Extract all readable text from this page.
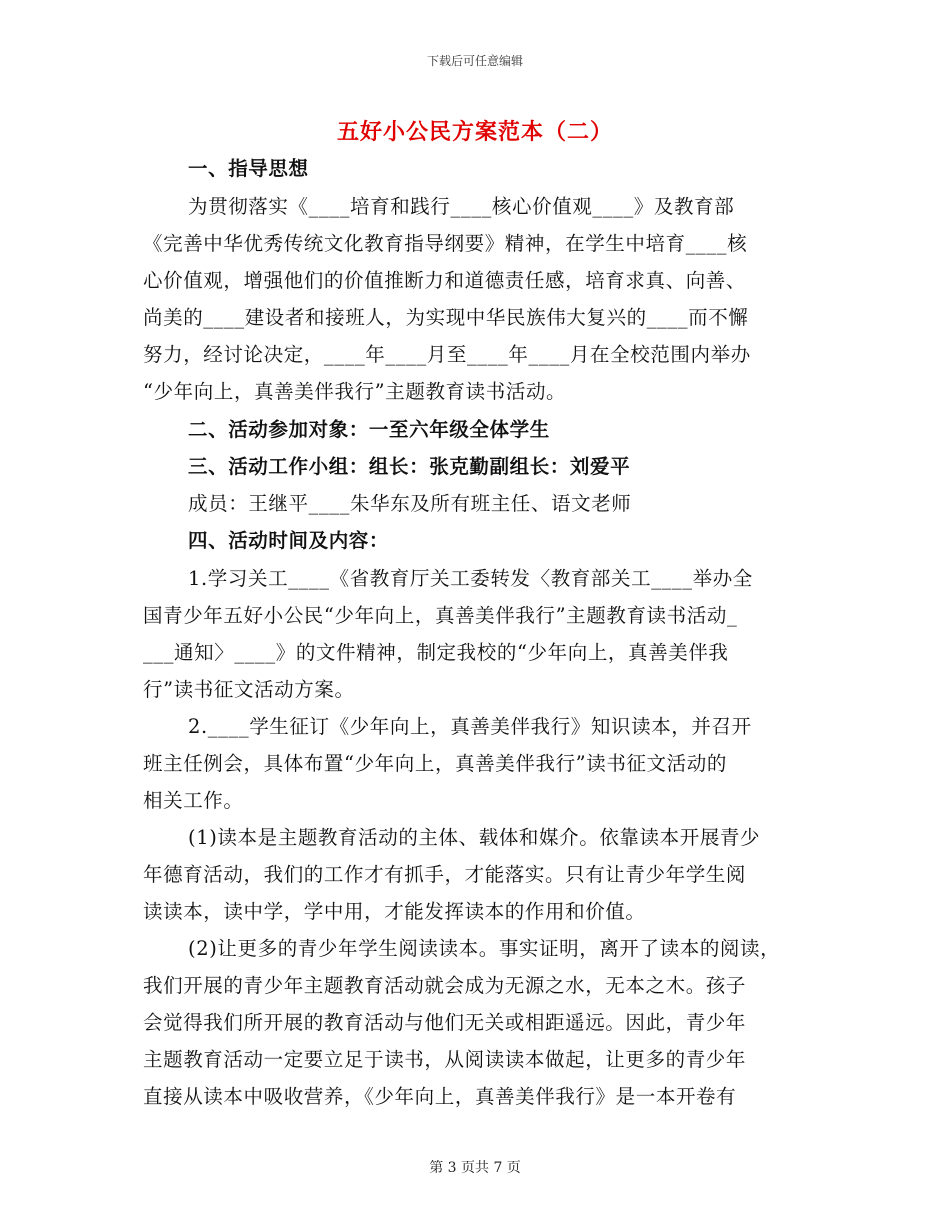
下载后可任意编辑
五好小公民方案范本（二）
一、指导思想
为贯彻落实《____培育和践行____核心价值观____》及教育部
《完善中华优秀传统文化教育指导纲要》精神，在学生中培育____核
心价值观，增强他们的价值推断力和道德责任感，培育求真、向善、
尚美的____建设者和接班人，为实现中华民族伟大复兴的____而不懈
努力，经讨论决定，____年____月至____年____月在全校范围内举办
“少年向上，真善美伴我行”主题教育读书活动。
二、活动参加对象：一至六年级全体学生
三、活动工作小组：组长：张克勤副组长：刘爱平
成员：王继平____朱华东及所有班主任、语文老师
四、活动时间及内容：
1.学习关工____《省教育厅关工委转发〈教育部关工____举办全
国青少年五好小公民“少年向上，真善美伴我行”主题教育读书活动_
___通知〉____》的文件精神，制定我校的“少年向上，真善美伴我
行”读书征文活动方案。
2.____学生征订《少年向上，真善美伴我行》知识读本，并召开
班主任例会，具体布置“少年向上，真善美伴我行”读书征文活动的
相关工作。
(1)读本是主题教育活动的主体、载体和媒介。依靠读本开展青少
年德育活动，我们的工作才有抓手，才能落实。只有让青少年学生阅
读读本，读中学，学中用，才能发挥读本的作用和价值。
(2)让更多的青少年学生阅读读本。事实证明，离开了读本的阅读，
我们开展的青少年主题教育活动就会成为无源之水，无本之木。孩子
会觉得我们所开展的教育活动与他们无关或相距遥远。因此，青少年
主题教育活动一定要立足于读书，从阅读读本做起，让更多的青少年
直接从读本中吸收营养，《少年向上，真善美伴我行》是一本开卷有
第 3 页共 7 页
